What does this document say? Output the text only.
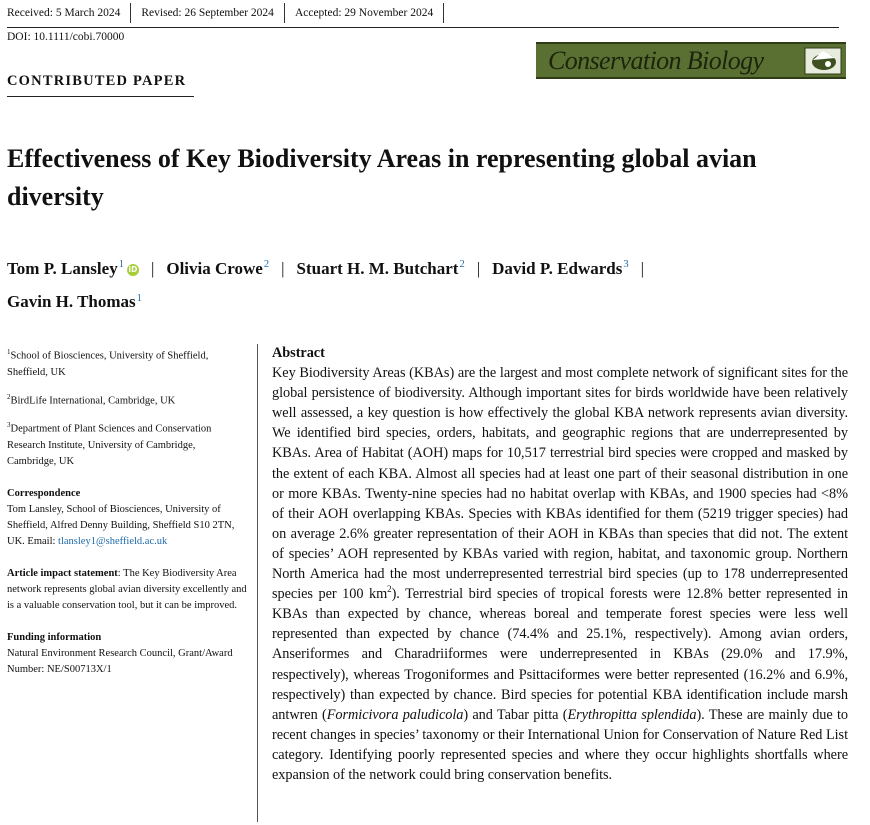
Received: 5 March 2024 Revised: 26 September 2024 Accepted: 29 November 2024
DOI: 10.1111/cobi.70000
Conservation Biology
CONTRIBUTED PAPER
Effectiveness of Key Biodiversity Areas in representing global avian diversity
Tom P. Lansley$^1$ iD | Olivia Crowe$^2$ | Stuart H. M. Butchart$^2$ | David P. Edwards$^3$ |
Gavin H. Thomas$^1$

$^1$School of Biosciences, University of Sheffield, Sheffield, UK

$^2$BirdLife International, Cambridge, UK

$^3$Department of Plant Sciences and Conservation Research Institute, University of Cambridge, Cambridge, UK

Correspondence
Tom Lansley, School of Biosciences, University of Sheffield, Alfred Denny Building, Sheffield S10 2TN, UK. Email: tlansley1@sheffield.ac.uk

Article impact statement: The Key Biodiversity Area network represents global avian diversity excellently and is a valuable conservation tool, but it can be improved.

Funding information
Natural Environment Research Council, Grant/Award Number: NE/S00713X/1

Abstract

Key Biodiversity Areas (KBAs) are the largest and most complete network of significant sites for the global persistence of biodiversity. Although important sites for birds worldwide have been relatively well assessed, a key question is how effectively the global KBA network represents avian diversity. We identified bird species, orders, habitats, and geographic regions that are underrepresented by KBAs. Area of Habitat (AOH) maps for 10,517 terrestrial bird species were cropped and masked by the extent of each KBA. Almost all species had at least one part of their seasonal distribution in one or more KBAs. Twenty-nine species had no habitat overlap with KBAs, and 1900 species had <8% of their AOH overlapping KBAs. Species with KBAs identified for them (5219 trigger species) had on average 2.6% greater representation of their AOH in KBAs than species that did not. The extent of species’ AOH represented by KBAs varied with region, habitat, and taxonomic group. Northern North America had the most underrepresented terrestrial bird species (up to 178 underrepresented species per 100 $km^2$). Terrestrial bird species of tropical forests were 12.8% better represented in KBAs than expected by chance, whereas boreal and temperate forest species were less well represented than expected by chance (74.4% and 25.1%, respectively). Among avian orders, Anseriformes and Charadriiformes were underrepresented in KBAs (29.0% and 17.9%, respectively), whereas Trogoniformes and Psittaciformes were better represented (16.2% and 6.9%, respectively) than expected by chance. Bird species for potential KBA identification include marsh antwren (Formicivora paludicola) and Tabar pitta (Erythropitta splendida). These are mainly due to recent changes in species’ taxonomy or their International Union for Conservation of Nature Red List category. Identifying poorly represented species and where they occur highlights shortfalls where expansion of the network could bring conservation benefits.
